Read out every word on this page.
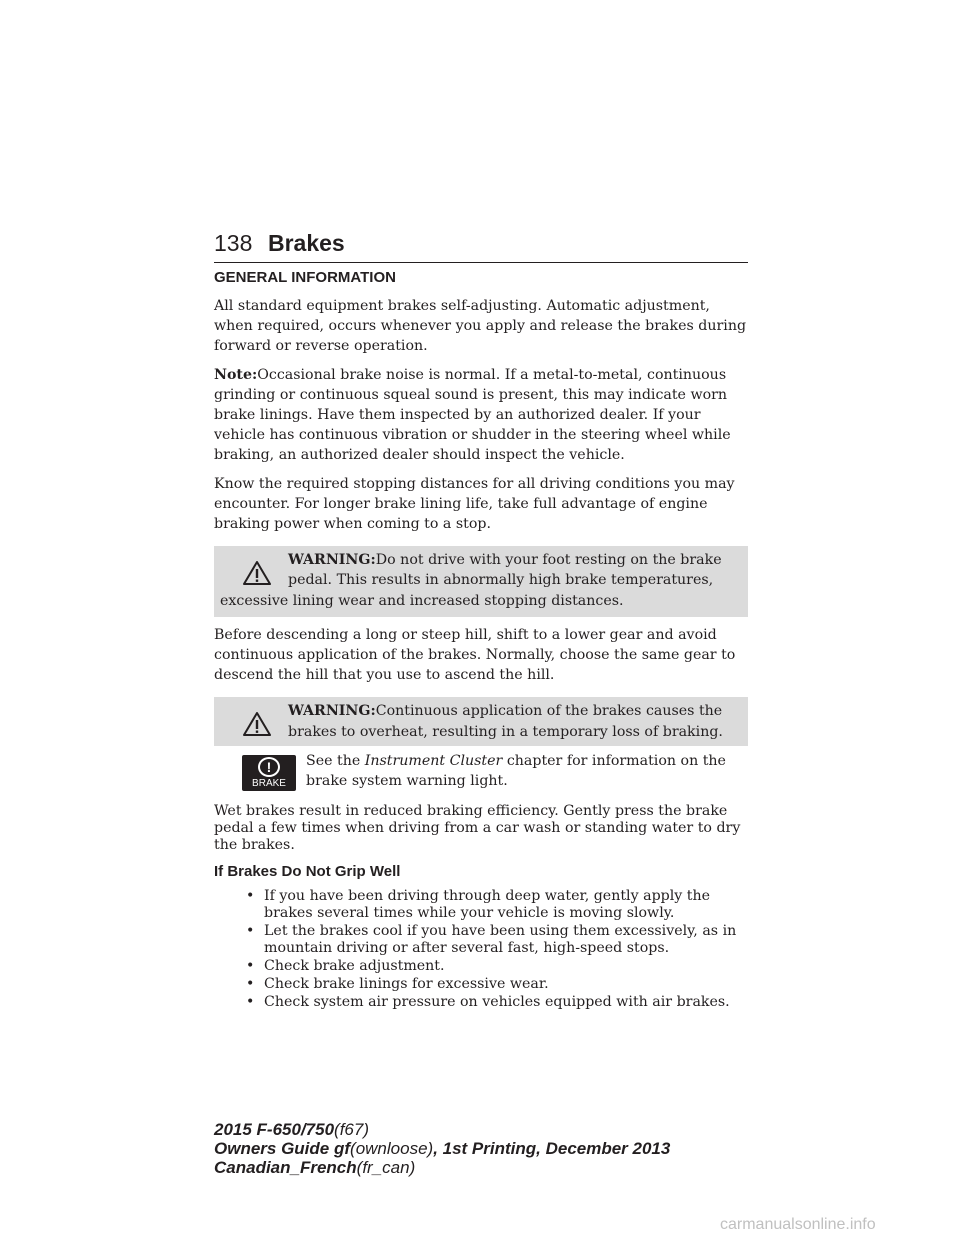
138 Brakes
GENERAL INFORMATION

All standard equipment brakes self-adjusting. Automatic adjustment, when required, occurs whenever you apply and release the brakes during forward or reverse operation.

Note:Occasional brake noise is normal. If a metal-to-metal, continuous grinding or continuous squeal sound is present, this may indicate worn brake linings. Have them inspected by an authorized dealer. If your vehicle has continuous vibration or shudder in the steering wheel while braking, an authorized dealer should inspect the vehicle.

Know the required stopping distances for all driving conditions you may encounter. For longer brake lining life, take full advantage of engine braking power when coming to a stop.

WARNING:Do not drive with your foot resting on the brake

pedal. This results in abnormally high brake temperatures,

excessive lining wear and increased stopping distances.

Before descending a long or steep hill, shift to a lower gear and avoid continuous application of the brakes. Normally, choose the same gear to descend the hill that you use to ascend the hill.

WARNING:Continuous application of the brakes causes the

brakes to overheat, resulting in a temporary loss of braking.

!
BRAKE

See the Instrument Cluster chapter for information on the

brake system warning light.

Wet brakes result in reduced braking efficiency. Gently press the brake pedal a few times when driving from a car wash or standing water to dry the brakes.

If Brakes Do Not Grip Well
• If you have been driving through deep water, gently apply the brakes several times while your vehicle is moving slowly.
• Let the brakes cool if you have been using them excessively, as in mountain driving or after several fast, high-speed stops.
• Check brake adjustment.
• Check brake linings for excessive wear.
• Check system air pressure on vehicles equipped with air brakes.
2015 F-650/750(f67)
Owners Guide gf(ownloose), 1st Printing, December 2013
Canadian_French(fr_can)
carmanualsonline.info
